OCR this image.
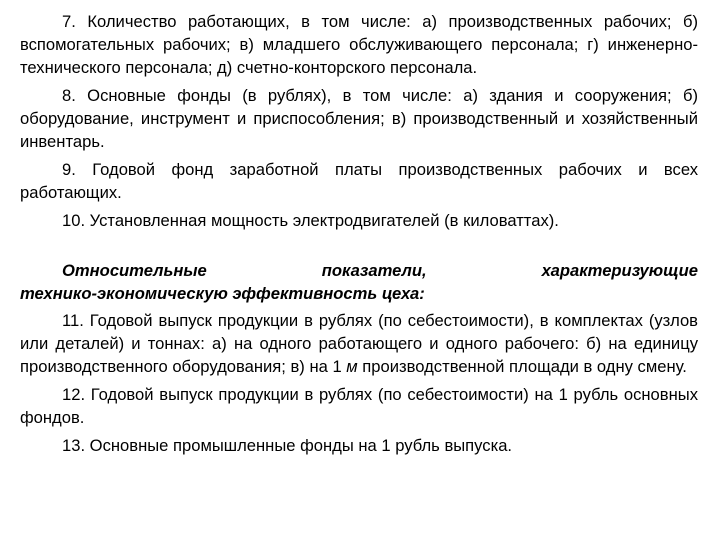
7. Количество работающих, в том числе: а) производственных рабочих; б) вспомогательных рабочих; в) младшего обслуживающего персонала; г) инженерно-технического персонала; д) счетно-конторского персонала.

8. Основные фонды (в рублях), в том числе: а) здания и сооружения; б) оборудование, инструмент и приспособления; в) производственный и хозяйственный инвентарь.

9. Годовой фонд заработной платы производственных рабочих и всех работающих.

10. Установленная мощность электродвигателей (в киловаттах).

Относительные показатели, характеризующие
технико-экономическую эффективность цеха:

11. Годовой выпуск продукции в рублях (по себестоимости), в комплектах (узлов или деталей) и тоннах: а) на одного работающего и одного рабочего: б) на единицу производственного оборудования; в) на 1 м производственной площади в одну смену.

12. Годовой выпуск продукции в рублях (по себестоимости) на 1 рубль основных фондов.

13. Основные промышленные фонды на 1 рубль выпуска.
